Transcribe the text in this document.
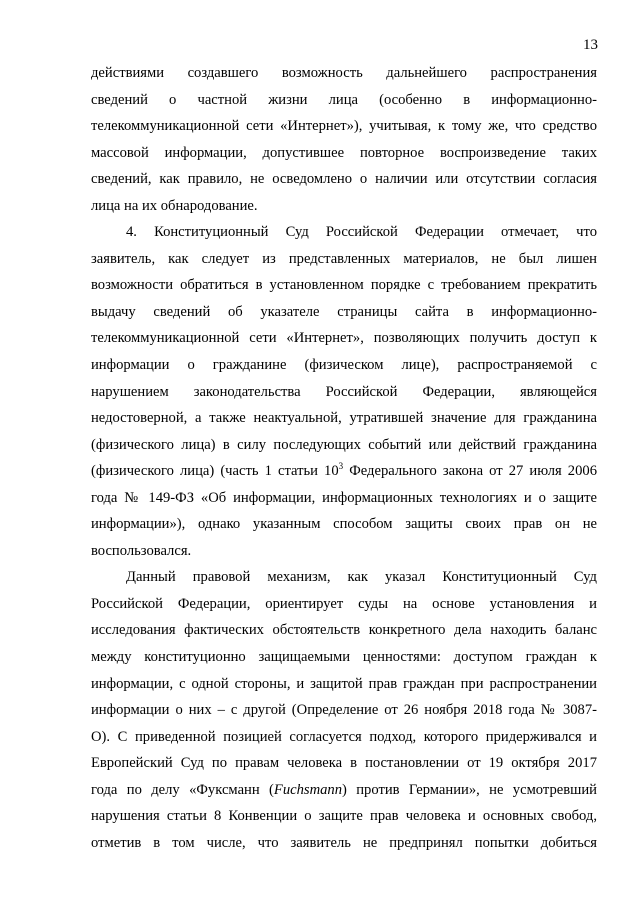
13
действиями создавшего возможность дальнейшего распространения
сведений о частной жизни лица (особенно в информационно-
телекоммуникационной сети «Интернет»), учитывая, к тому же, что средство
массовой информации, допустившее повторное воспроизведение таких
сведений, как правило, не осведомлено о наличии или отсутствии согласия
лица на их обнародование.
4. Конституционный Суд Российской Федерации отмечает, что
заявитель, как следует из представленных материалов, не был лишен
возможности обратиться в установленном порядке с требованием прекратить
выдачу сведений об указателе страницы сайта в информационно-
телекоммуникационной сети «Интернет», позволяющих получить доступ к
информации о гражданине (физическом лице), распространяемой с
нарушением законодательства Российской Федерации, являющейся
недостоверной, а также неактуальной, утратившей значение для гражданина
(физического лица) в силу последующих событий или действий гражданина
(физического лица) (часть 1 статьи $10^3$ Федерального закона от 27 июля 2006
года № 149-ФЗ «Об информации, информационных технологиях и о защите
информации»), однако указанным способом защиты своих прав он не
воспользовался.
Данный правовой механизм, как указал Конституционный Суд
Российской Федерации, ориентирует суды на основе установления и
исследования фактических обстоятельств конкретного дела находить баланс
между конституционно защищаемыми ценностями: доступом граждан к
информации, с одной стороны, и защитой прав граждан при распространении
информации о них – с другой (Определение от 26 ноября 2018 года № 3087-
О). С приведенной позицией согласуется подход, которого придерживался и
Европейский Суд по правам человека в постановлении от 19 октября 2017
года по делу «Фуксманн (Fuchsmann) против Германии», не усмотревший
нарушения статьи 8 Конвенции о защите прав человека и основных свобод,
отметив в том числе, что заявитель не предпринял попытки добиться
